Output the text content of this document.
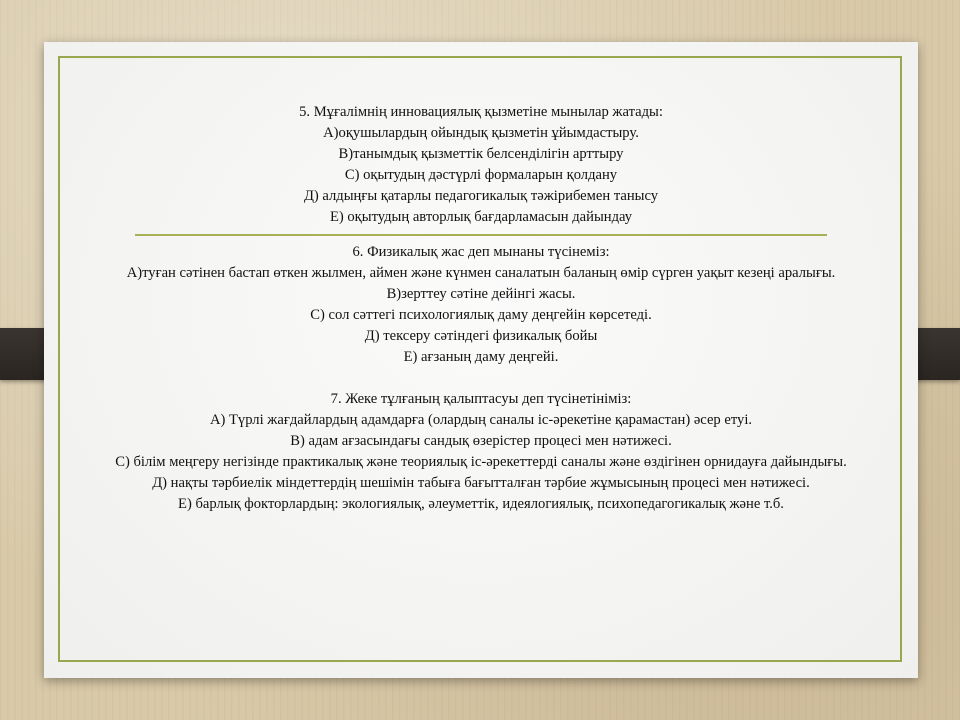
5. Мұғалімнің инновациялық қызметіне мынылар жатады:
А)оқушылардың ойындық қызметін ұйымдастыру.
В)танымдық қызметтік белсенділігін арттыру
С) оқытудың дәстүрлі формаларын қолдану
Д) алдыңғы қатарлы педагогикалық тәжірибемен танысу
Е) оқытудың авторлық бағдарламасын дайындау
6. Физикалық жас деп мынаны түсінеміз:
А)туған сәтінен бастап өткен жылмен, аймен және күнмен саналатын баланың өмір сүрген уақыт кезеңі аралығы.
В)зерттеу сәтіне дейінгі жасы.
С) сол сәттегі психологиялық даму деңгейін көрсетеді.
Д) тексеру сәтіндегі физикалық бойы
Е) ағзаның даму деңгейі.
7. Жеке тұлғаның қалыптасуы деп түсінетініміз:
А) Түрлі жағдайлардың адамдарға (олардың саналы іс-әрекетіне қарамастан) әсер етуі.
В) адам ағзасындағы сандық өзерістер процесі мен нәтижесі.
С) білім меңгеру негізінде практикалық және теориялық іс-әрекеттерді саналы және өздігінен орнидауға дайындығы.
Д) нақты тәрбиелік міндеттердің шешімін табыға бағытталған тәрбие жұмысының процесі мен нәтижесі.
Е) барлық фокторлардың: экологиялық, әлеуметтік, идеялогиялық, психопедагогикалық және т.б.
